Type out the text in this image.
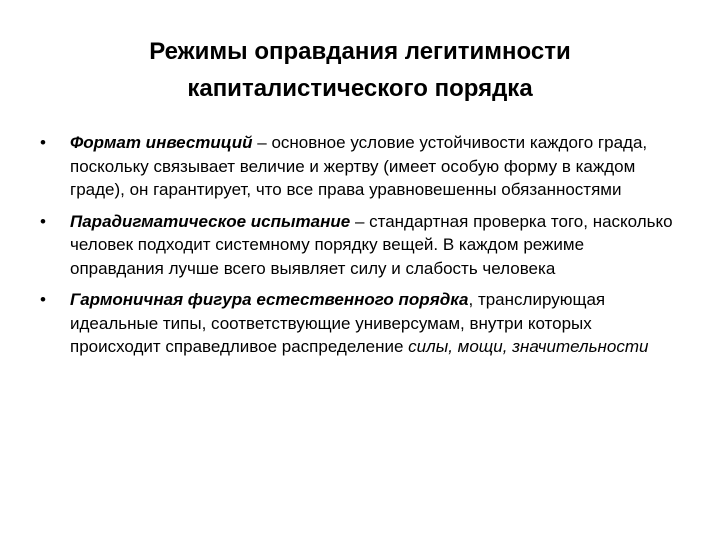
Режимы оправдания легитимности
капиталистического порядка
• Формат инвестиций – основное условие устойчивости каждого града, поскольку связывает величие и жертву (имеет особую форму в каждом граде), он гарантирует, что все права уравновешенны обязанностями
• Парадигматическое испытание – стандартная проверка того, насколько человек подходит системному порядку вещей. В каждом режиме оправдания лучше всего выявляет силу и слабость человека
• Гармоничная фигура естественного порядка, транслирующая идеальные типы, соответствующие универсумам, внутри которых происходит справедливое распределение силы, мощи, значительности
